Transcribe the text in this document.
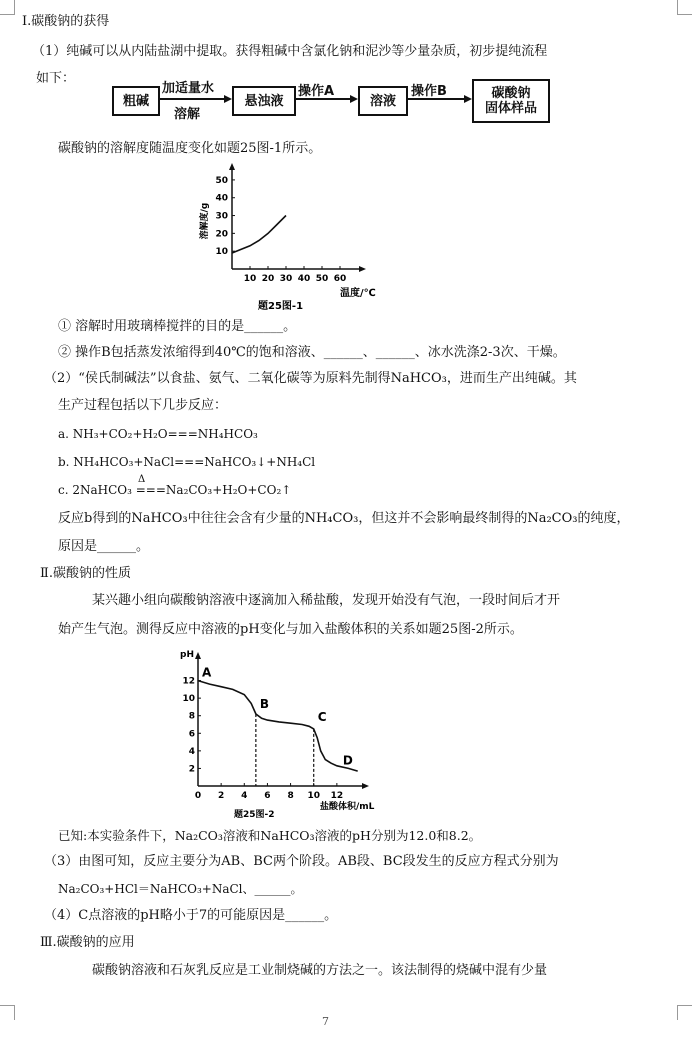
I.碳酸钠的获得
（1）纯碱可以从内陆盐湖中提取。获得粗碱中含氯化钠和泥沙等少量杂质，初步提纯流程
如下：
粗碱
加适量水
溶解
悬浊液
操作A
溶液
操作B	碳酸钠
固体样品
碳酸钠的溶解度随温度变化如题25图-1所示。
溶解度/g
温度/℃
题25图-1
10 20 30 40 50 60
10
20
30
40
50
① 溶解时用玻璃棒搅拌的目的是______。
② 操作B包括蒸发浓缩得到40℃的饱和溶液、______、______、冰水洗涤2-3次、干燥。
（2）“侯氏制碱法”以食盐、氨气、二氧化碳等为原料先制得NaHCO₃，进而生产出纯碱。其
生产过程包括以下几步反应：
a. NH₃+CO₂+H₂O===NH₄HCO₃
b. NH₄HCO₃+NaCl===NaHCO₃↓+NH₄Cl
Δ
c. 2NaHCO₃ ===Na₂CO₃+H₂O+CO₂↑
反应b得到的NaHCO₃中往往会含有少量的NH₄CO₃，但这并不会影响最终制得的Na₂CO₃的纯度，
原因是______。
Ⅱ.碳酸钠的性质
某兴趣小组向碳酸钠溶液中逐滴加入稀盐酸，发现开始没有气泡，一段时间后才开
始产生气泡。测得反应中溶液的pH变化与加入盐酸体积的关系如题25图-2所示。
pH
盐酸体积/mL
题25图-2
0 2 4 6 8 10 12
2
4
6
8
10
12
A
B
C
D
已知:本实验条件下，Na₂CO₃溶液和NaHCO₃溶液的pH分别为12.0和8.2。
（3）由图可知，反应主要分为AB、BC两个阶段。AB段、BC段发生的反应方程式分别为
Na₂CO₃+HCl＝NaHCO₃+NaCl、______。
（4）C点溶液的pH略小于7的可能原因是______。
Ⅲ.碳酸钠的应用
碳酸钠溶液和石灰乳反应是工业制烧碱的方法之一。该法制得的烧碱中混有少量
7
